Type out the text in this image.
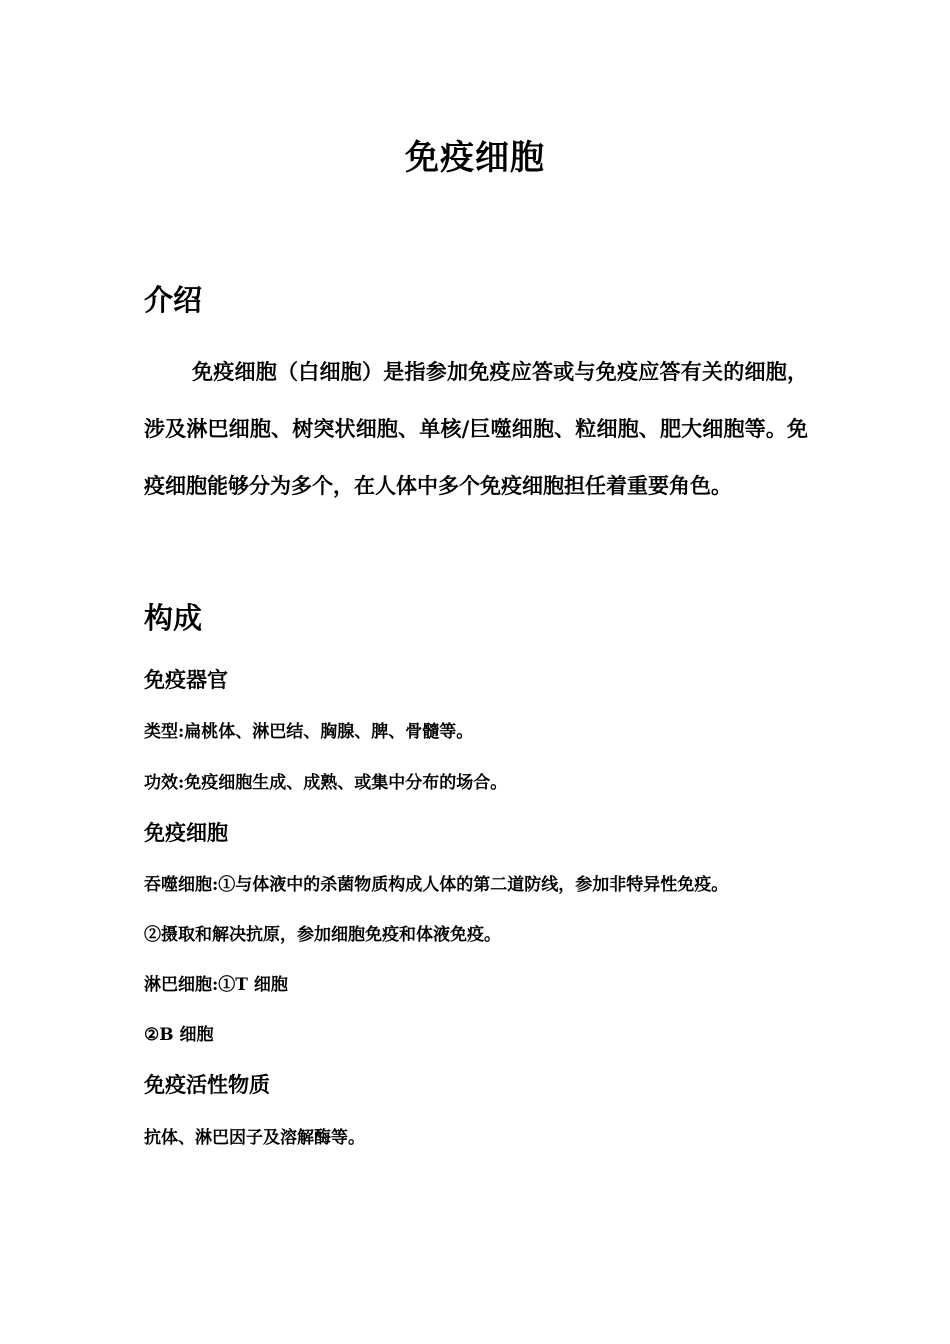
免疫细胞
介绍

免疫细胞（白细胞）是指参加免疫应答或与免疫应答有关的细胞，涉及淋巴细胞、树突状细胞、单核/巨噬细胞、粒细胞、肥大细胞等。免疫细胞能够分为多个，在人体中多个免疫细胞担任着重要角色。

构成
免疫器官

类型:扁桃体、淋巴结、胸腺、脾、骨髓等。

功效:免疫细胞生成、成熟、或集中分布的场合。

免疫细胞

吞噬细胞:①与体液中的杀菌物质构成人体的第二道防线，参加非特异性免疫。

②摄取和解决抗原，参加细胞免疫和体液免疫。

淋巴细胞:①T 细胞

②B 细胞

免疫活性物质

抗体、淋巴因子及溶解酶等。
